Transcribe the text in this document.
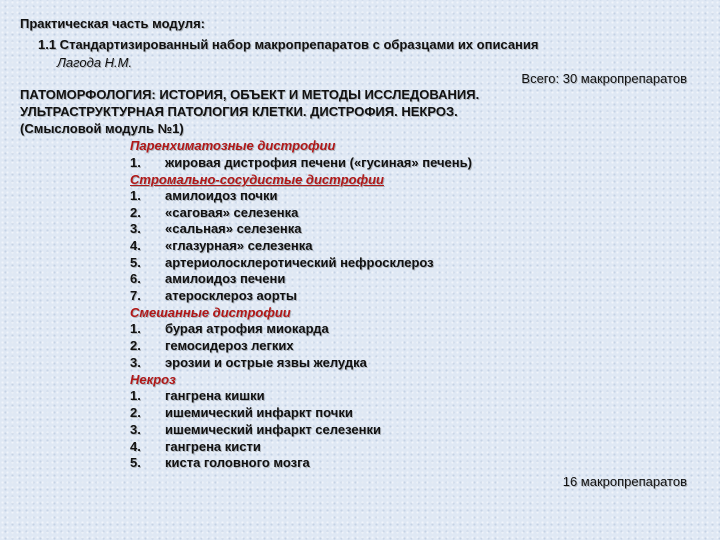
Практическая часть модуля:
1.1 Стандартизированный набор макропрепаратов с образцами их описания
Лагода Н.М.
Всего: 30 макропрепаратов
ПАТОМОРФОЛОГИЯ: ИСТОРИЯ, ОБЪЕКТ И МЕТОДЫ ИССЛЕДОВАНИЯ.
УЛЬТРАСТРУКТУРНАЯ ПАТОЛОГИЯ КЛЕТКИ. ДИСТРОФИЯ. НЕКРОЗ.
(Смысловой модуль №1)
Паренхиматозные дистрофии
1.	жировая дистрофия печени («гусиная» печень)
Стромально-сосудистые дистрофии
1.	амилоидоз почки
2.	«саговая» селезенка
3.	«сальная» селезенка
4.	«глазурная» селезенка
5.	артериолосклеротический нефросклероз
6.	амилоидоз печени
7.	атеросклероз аорты
Смешанные дистрофии
1.	бурая атрофия миокарда
2.	гемосидероз легких
3.	эрозии и острые язвы желудка
Некроз
1.	гангрена кишки
2.	ишемический инфаркт почки
3.	ишемический инфаркт селезенки
4.	гангрена кисти
5.	киста головного мозга
16 макропрепаратов
